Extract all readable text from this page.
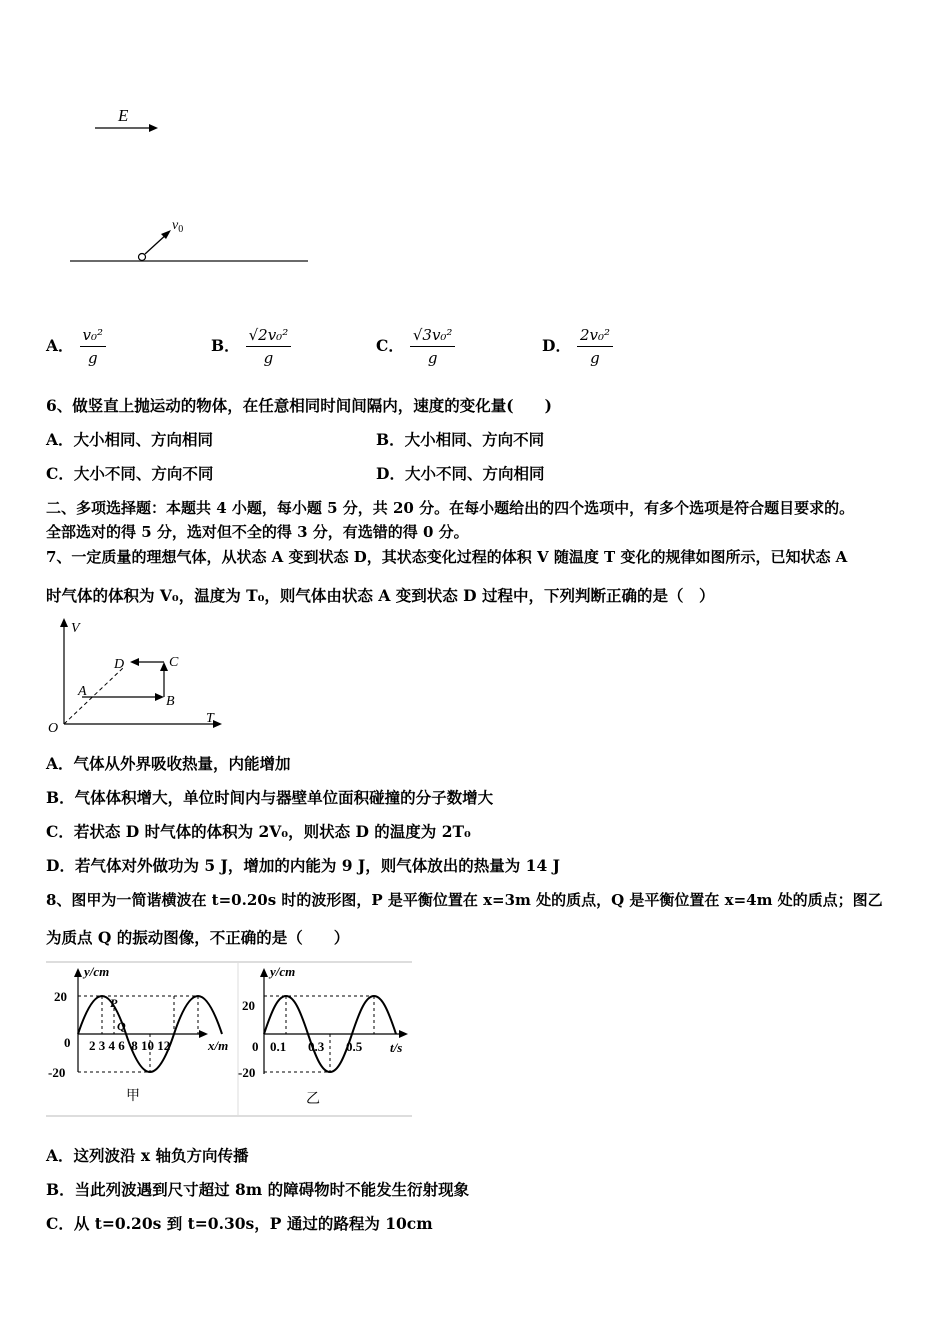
E
$v_0$
A． $\frac{\text{v₀²}}{g}$	B． $\frac{\text{√2v₀²}}{g}$	C． $\frac{\text{√3v₀²}}{g}$	D． $\frac{\text{2v₀²}}{g}$
6、做竖直上抛运动的物体，在任意相同时间间隔内，速度的变化量(　　)
A．大小相同、方向相同	B．大小相同、方向不同
C．大小不同、方向不同	D．大小不同、方向相同
二、多项选择题：本题共 4 小题，每小题 5 分，共 20 分。在每小题给出的四个选项中，有多个选项是符合题目要求的。
全部选对的得 5 分，选对但不全的得 3 分，有选错的得 0 分。
7、一定质量的理想气体，从状态 A 变到状态 D，其状态变化过程的体积 V 随温度 T 变化的规律如图所示，已知状态 A
时气体的体积为 V₀，温度为 T₀，则气体由状态 A 变到状态 D 过程中，下列判断正确的是（　）
V
T
O
A
B
C
D
A．气体从外界吸收热量，内能增加
B．气体体积增大，单位时间内与器壁单位面积碰撞的分子数增大
C．若状态 D 时气体的体积为 2V₀，则状态 D 的温度为 2T₀
D．若气体对外做功为 5 J，增加的内能为 9 J，则气体放出的热量为 14 J
8、图甲为一简谐横波在 t=0.20s 时的波形图，P 是平衡位置在 x=3m 处的质点，Q 是平衡位置在 x=4m 处的质点；图乙
为质点 Q 的振动图像，不正确的是（　　）
y/cm
x/m
20
-20
0 2 3 4 6  8 10 12
P
Q
甲
y/cm
t/s
20
-20
0 0.1 0.3 0.5
乙
A．这列波沿 x 轴负方向传播
B．当此列波遇到尺寸超过 8m 的障碍物时不能发生衍射现象
C．从 t=0.20s 到 t=0.30s，P 通过的路程为 10cm
